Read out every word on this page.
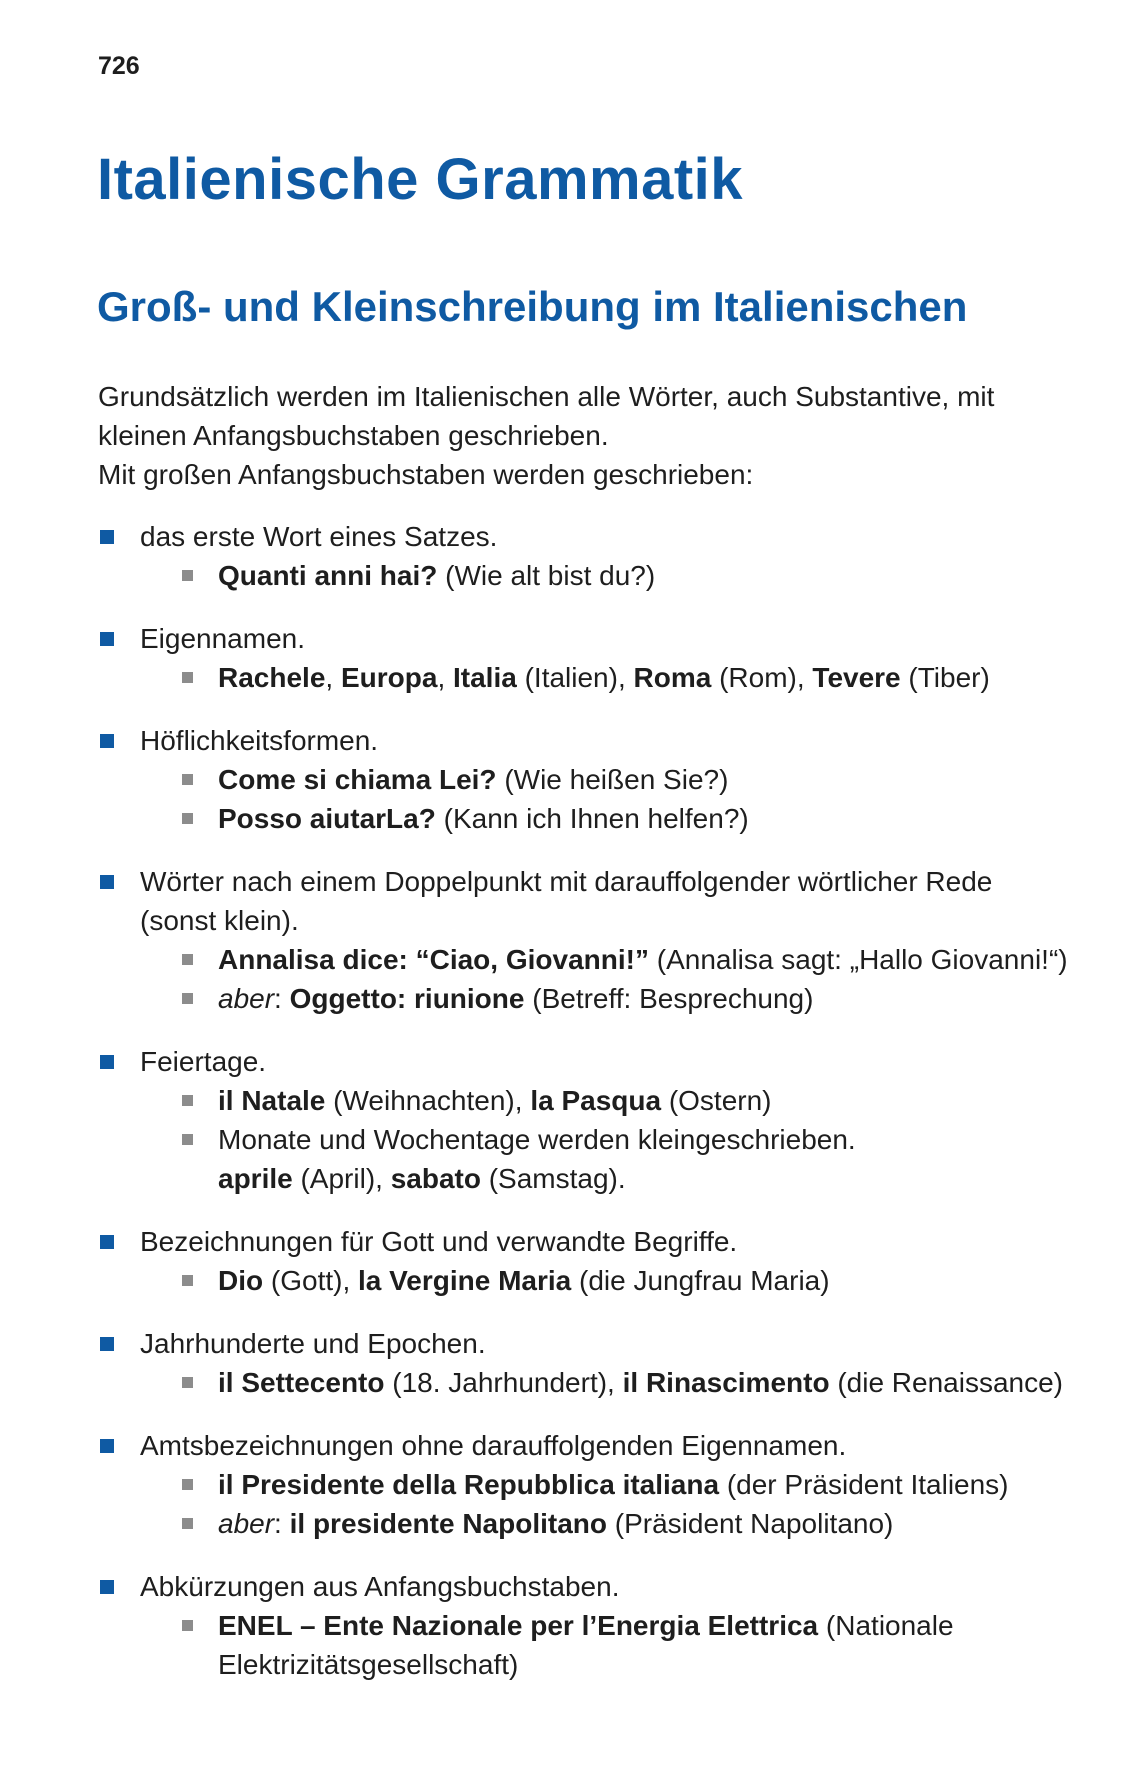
726
Italienische Grammatik
Groß- und Kleinschreibung im Italienischen
Grundsätzlich werden im Italienischen alle Wörter, auch Substantive, mit
kleinen Anfangsbuchstaben geschrieben.
Mit großen Anfangsbuchstaben werden geschrieben:
das erste Wort eines Satzes.
Quanti anni hai? (Wie alt bist du?)
Eigennamen.
Rachele, Europa, Italia (Italien), Roma (Rom), Tevere (Tiber)
Höflichkeitsformen.
Come si chiama Lei? (Wie heißen Sie?)
Posso aiutarLa? (Kann ich Ihnen helfen?)
Wörter nach einem Doppelpunkt mit darauffolgender wörtlicher Rede
(sonst klein).
Annalisa dice: “Ciao, Giovanni!” (Annalisa sagt: „Hallo Giovanni!“)
aber: Oggetto: riunione (Betreff: Besprechung)
Feiertage.
il Natale (Weihnachten), la Pasqua (Ostern)
Monate und Wochentage werden kleingeschrieben.
aprile (April), sabato (Samstag).
Bezeichnungen für Gott und verwandte Begriffe.
Dio (Gott), la Vergine Maria (die Jungfrau Maria)
Jahrhunderte und Epochen.
il Settecento (18. Jahrhundert), il Rinascimento (die Renaissance)
Amtsbezeichnungen ohne darauffolgenden Eigennamen.
il Presidente della Repubblica italiana (der Präsident Italiens)
aber: il presidente Napolitano (Präsident Napolitano)
Abkürzungen aus Anfangsbuchstaben.
ENEL – Ente Nazionale per l’Energia Elettrica (Nationale
Elektrizitätsgesellschaft)
